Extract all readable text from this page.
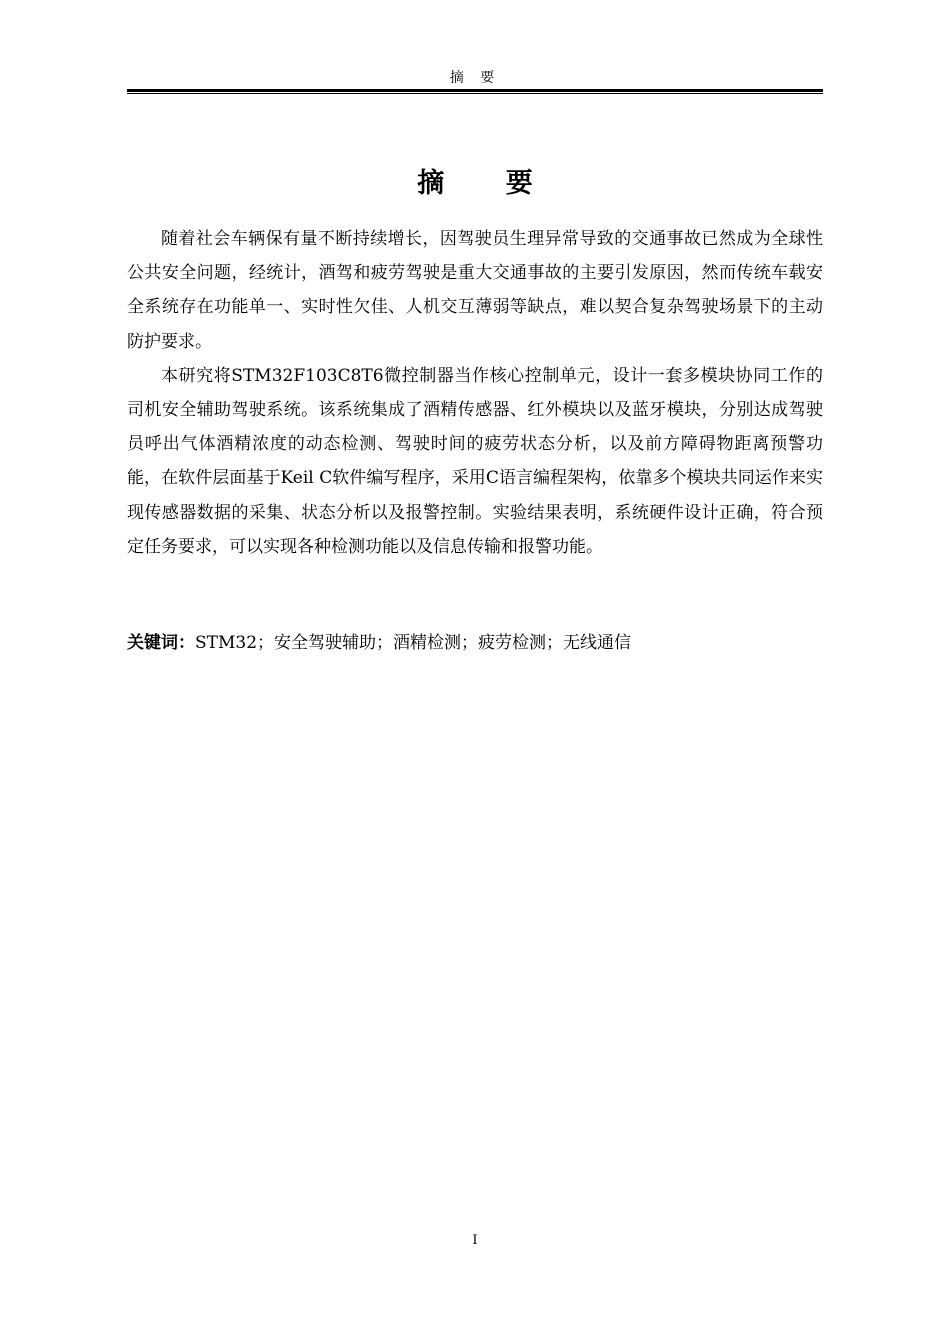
摘 要
摘 要

随着社会车辆保有量不断持续增长，因驾驶员生理异常导致的交通事故已然成为全球性公共安全问题，经统计，酒驾和疲劳驾驶是重大交通事故的主要引发原因，然而传统车载安全系统存在功能单一、实时性欠佳、人机交互薄弱等缺点，难以契合复杂驾驶场景下的主动防护要求。

本研究将STM32F103C8T6微控制器当作核心控制单元，设计一套多模块协同工作的司机安全辅助驾驶系统。该系统集成了酒精传感器、红外模块以及蓝牙模块，分别达成驾驶员呼出气体酒精浓度的动态检测、驾驶时间的疲劳状态分析，以及前方障碍物距离预警功能，在软件层面基于Keil C软件编写程序，采用C语言编程架构，依靠多个模块共同运作来实现传感器数据的采集、状态分析以及报警控制。实验结果表明，系统硬件设计正确，符合预定任务要求，可以实现各种检测功能以及信息传输和报警功能。

关键词：STM32；安全驾驶辅助；酒精检测；疲劳检测；无线通信
I
